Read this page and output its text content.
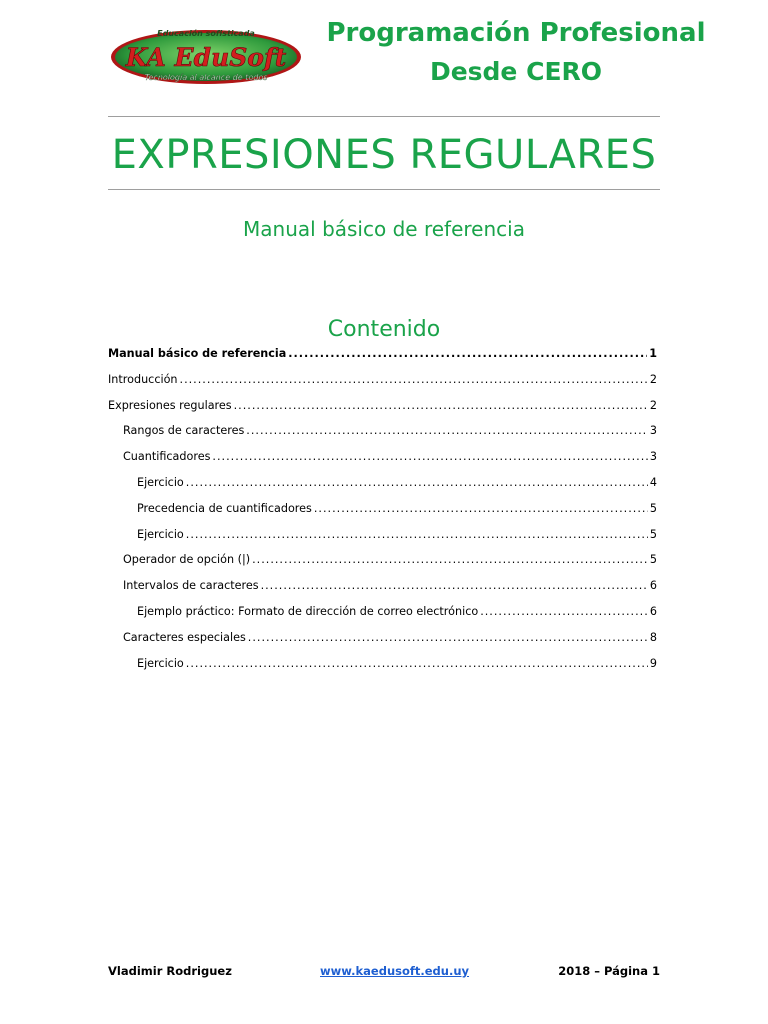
Educación sofisticada
KA EduSoft
Tecnología al alcance de todos
Programación Profesional
Desde CERO
EXPRESIONES REGULARES
Manual básico de referencia
Contenido
Manual básico de referencia .....	1
Introducción .....	2
Expresiones regulares .....	2
Rangos de caracteres .....	3
Cuantificadores .....	3
Ejercicio .....	4
Precedencia de cuantificadores .....	5
Ejercicio .....	5
Operador de opción (|) .....	5
Intervalos de caracteres .....	6
Ejemplo práctico: Formato de dirección de correo electrónico .....	6
Caracteres especiales .....	8
Ejercicio .....	9
Vladimir Rodriguez	www.kaedusoft.edu.uy	2018 – Página 1
